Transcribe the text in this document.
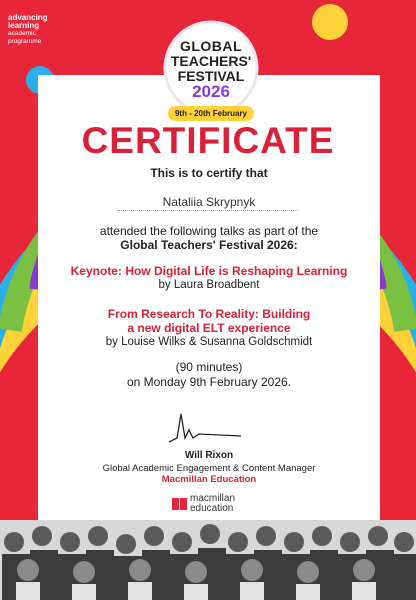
advancing
learning
academic
programme	GLOBAL
TEACHERS'
FESTIVAL
2026
9th - 20th February
CERTIFICATE
This is to certify that
Nataliia Skrypnyk
attended the following talks as part of the
Global Teachers' Festival 2026:
Keynote: How Digital Life is Reshaping Learning
by Laura Broadbent
From Research To Reality: Building
a new digital ELT experience
by Louise Wilks & Susanna Goldschmidt
(90 minutes)
on Monday 9th February 2026.
Will Rixon
Global Academic Engagement & Content Manager
Macmillan Education
macmillan
education
